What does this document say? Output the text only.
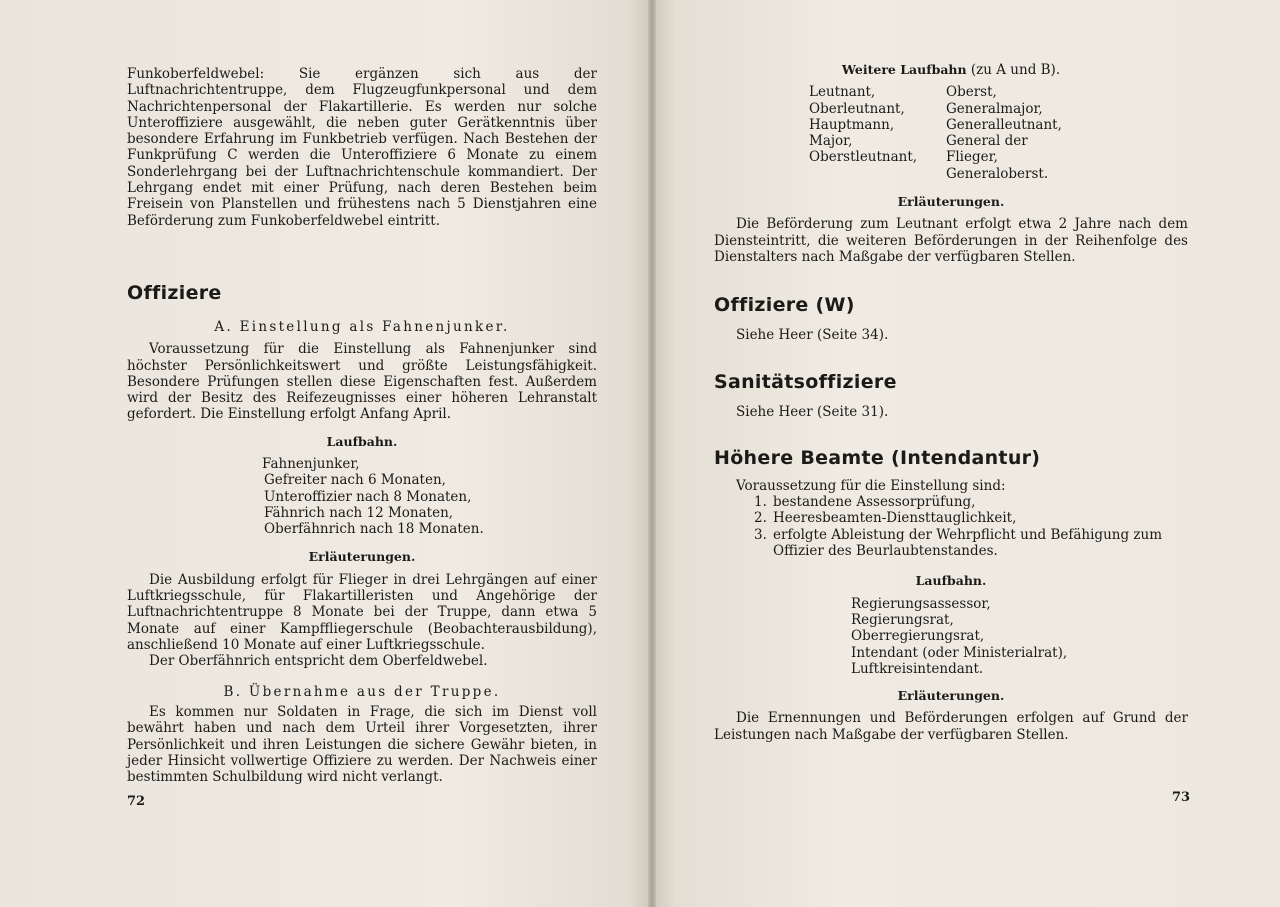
Funkoberfeldwebel: Sie ergänzen sich aus der Luftnachrichtentruppe, dem Flugzeugfunkpersonal und dem Nachrichtenpersonal der Flakartillerie. Es werden nur solche Unteroffiziere ausgewählt, die neben guter Gerätkenntnis über besondere Erfahrung im Funkbetrieb verfügen. Nach Bestehen der Funkprüfung C werden die Unteroffiziere 6 Monate zu einem Sonderlehrgang bei der Luftnachrichtenschule kommandiert. Der Lehrgang endet mit einer Prüfung, nach deren Bestehen beim Freisein von Planstellen und frühestens nach 5 Dienstjahren eine Beförderung zum Funkoberfeldwebel eintritt.

Offiziere

A. Einstellung als Fahnenjunker.

Voraussetzung für die Einstellung als Fahnenjunker sind höchster Persönlichkeitswert und größte Leistungsfähigkeit. Besondere Prüfungen stellen diese Eigenschaften fest. Außerdem wird der Besitz des Reifezeugnisses einer höheren Lehranstalt gefordert. Die Einstellung erfolgt Anfang April.

Laufbahn.

Fahnenjunker,
Gefreiter nach 6 Monaten,
Unteroffizier nach 8 Monaten,
Fähnrich nach 12 Monaten,
Oberfähnrich nach 18 Monaten.

Erläuterungen.

Die Ausbildung erfolgt für Flieger in drei Lehrgängen auf einer Luftkriegsschule, für Flakartilleristen und Angehörige der Luftnachrichtentruppe 8 Monate bei der Truppe, dann etwa 5 Monate auf einer Kampffliegerschule (Beobachterausbildung), anschließend 10 Monate auf einer Luftkriegsschule.

Der Oberfähnrich entspricht dem Oberfeldwebel.

B. Übernahme aus der Truppe.

Es kommen nur Soldaten in Frage, die sich im Dienst voll bewährt haben und nach dem Urteil ihrer Vorgesetzten, ihrer Persönlichkeit und ihren Leistungen die sichere Gewähr bieten, in jeder Hinsicht vollwertige Offiziere zu werden. Der Nachweis einer bestimmten Schulbildung wird nicht verlangt.

72

Weitere Laufbahn (zu A und B).

Leutnant,
Oberleutnant,
Hauptmann,
Major,
Oberstleutnant,
Oberst,
Generalmajor,
Generalleutnant,
General der Flieger,
Generaloberst.

Erläuterungen.

Die Beförderung zum Leutnant erfolgt etwa 2 Jahre nach dem Diensteintritt, die weiteren Beförderungen in der Reihenfolge des Dienstalters nach Maßgabe der verfügbaren Stellen.

Offiziere (W)

Siehe Heer (Seite 34).

Sanitätsoffiziere

Siehe Heer (Seite 31).

Höhere Beamte (Intendantur)

Voraussetzung für die Einstellung sind:

1. bestandene Assessorprüfung,
2. Heeresbeamten-Diensttauglichkeit,
3. erfolgte Ableistung der Wehrpflicht und Befähigung zum Offizier des Beurlaubtenstandes.

Laufbahn.

Regierungsassessor,
Regierungsrat,
Oberregierungsrat,
Intendant (oder Ministerialrat),
Luftkreisintendant.

Erläuterungen.

Die Ernennungen und Beförderungen erfolgen auf Grund der Leistungen nach Maßgabe der verfügbaren Stellen.

73
